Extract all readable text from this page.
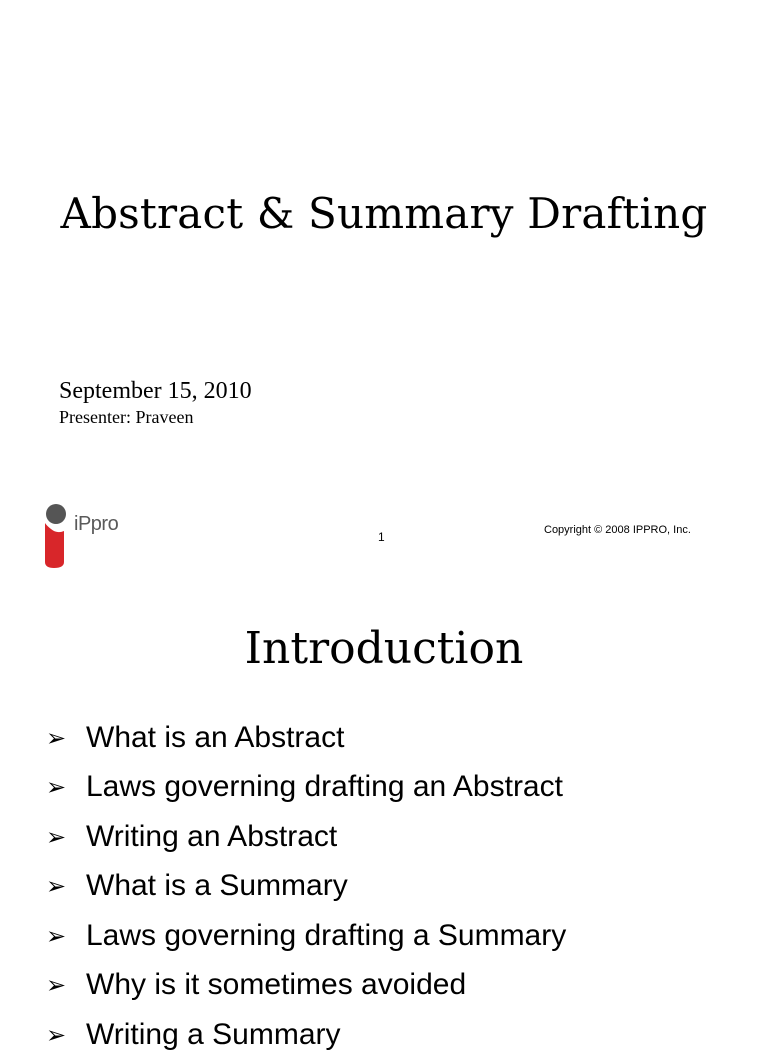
Abstract & Summary Drafting
September 15, 2010
Presenter: Praveen
iPpro
1	Copyright © 2008 IPPRO, Inc.
Introduction
➢ What is an Abstract
➢ Laws governing drafting an Abstract
➢ Writing an Abstract
➢ What is a Summary
➢ Laws governing drafting a Summary
➢ Why is it sometimes avoided
➢ Writing a Summary
